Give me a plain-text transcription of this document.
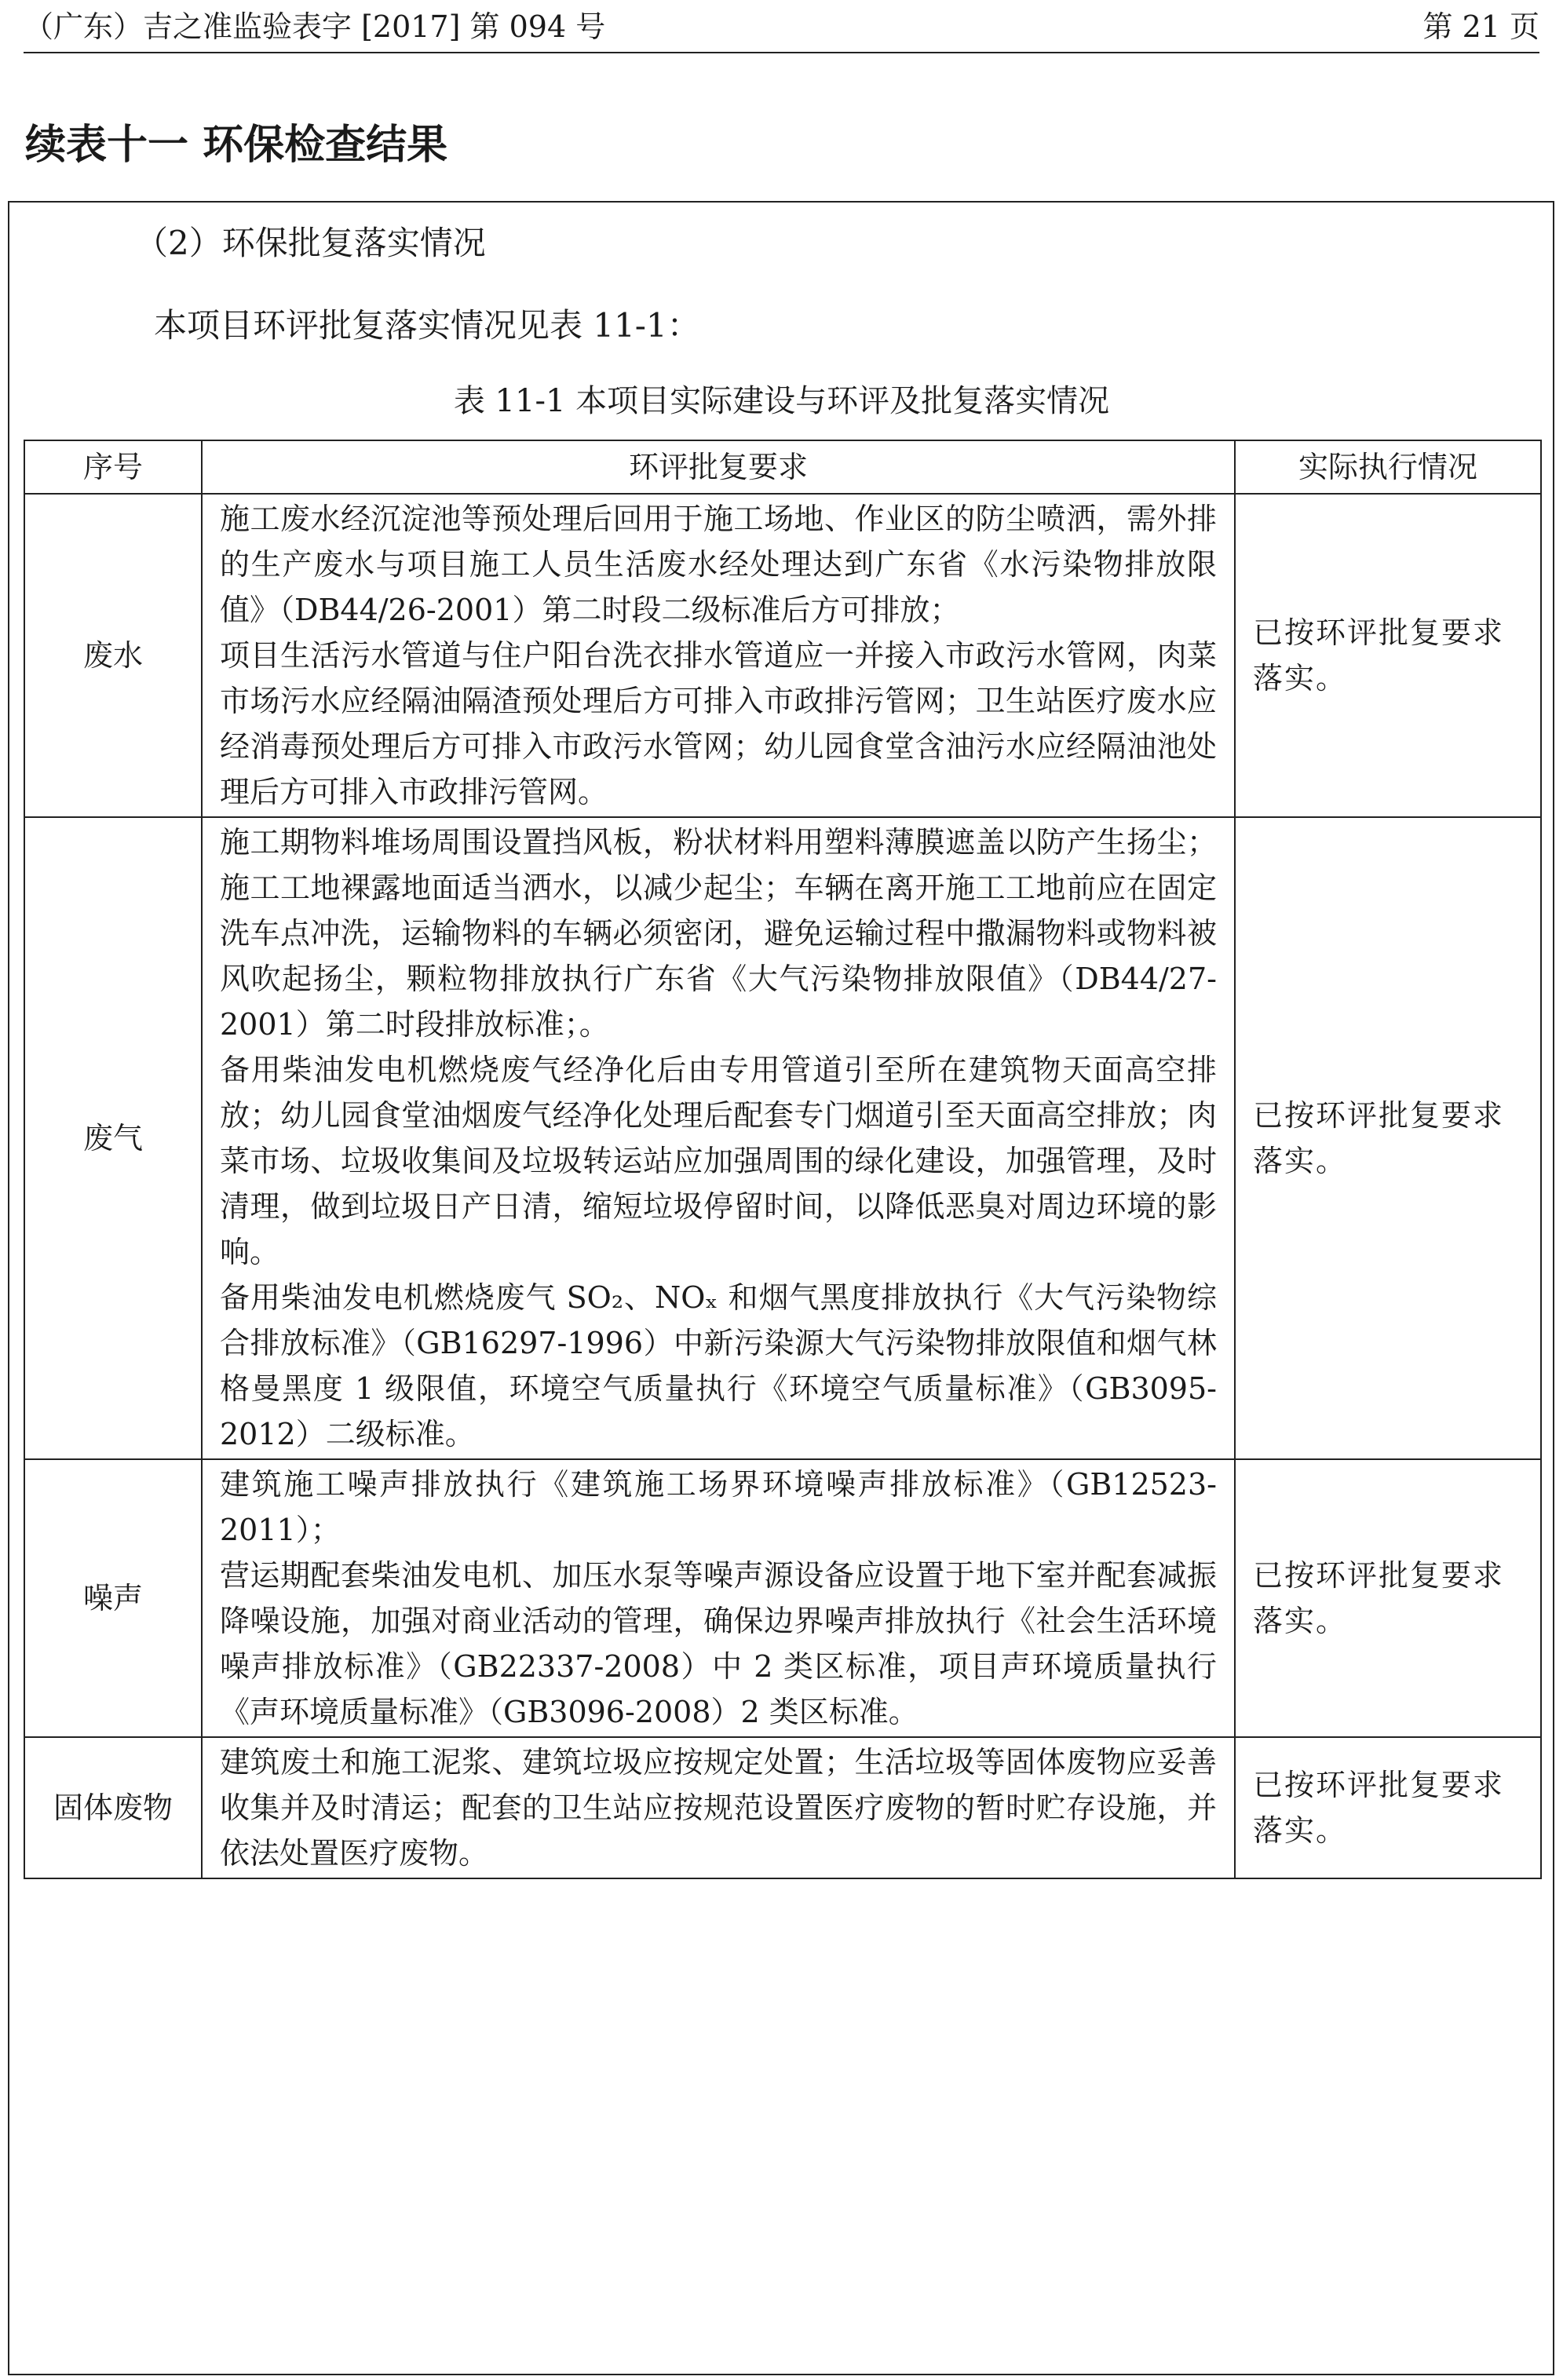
（广东）吉之准监验表字 [2017] 第 094 号	第 21 页
续表十一 环保检查结果
（2）环保批复落实情况
本项目环评批复落实情况见表 11-1：
表 11-1 本项目实际建设与环评及批复落实情况
序号	环评批复要求	实际执行情况
废水	施工废水经沉淀池等预处理后回用于施工场地、作业区的防尘喷洒，需外排的生产废水与项目施工人员生活废水经处理达到广东省《水污染物排放限值》（DB44/26-2001）第二时段二级标准后方可排放；
项目生活污水管道与住户阳台洗衣排水管道应一并接入市政污水管网，肉菜市场污水应经隔油隔渣预处理后方可排入市政排污管网；卫生站医疗废水应经消毒预处理后方可排入市政污水管网；幼儿园食堂含油污水应经隔油池处理后方可排入市政排污管网。	已按环评批复要求落实。
废气	施工期物料堆场周围设置挡风板，粉状材料用塑料薄膜遮盖以防产生扬尘；施工工地裸露地面适当洒水，以减少起尘；车辆在离开施工工地前应在固定洗车点冲洗，运输物料的车辆必须密闭，避免运输过程中撒漏物料或物料被风吹起扬尘，颗粒物排放执行广东省《大气污染物排放限值》（DB44/27-2001）第二时段排放标准；。
备用柴油发电机燃烧废气经净化后由专用管道引至所在建筑物天面高空排放；幼儿园食堂油烟废气经净化处理后配套专门烟道引至天面高空排放；肉菜市场、垃圾收集间及垃圾转运站应加强周围的绿化建设，加强管理，及时清理，做到垃圾日产日清，缩短垃圾停留时间，以降低恶臭对周边环境的影响。
备用柴油发电机燃烧废气 SO₂、NOₓ 和烟气黑度排放执行《大气污染物综合排放标准》（GB16297-1996）中新污染源大气污染物排放限值和烟气林格曼黑度 1 级限值，环境空气质量执行《环境空气质量标准》（GB3095-2012）二级标准。	已按环评批复要求落实。
噪声	建筑施工噪声排放执行《建筑施工场界环境噪声排放标准》（GB12523-2011）；
营运期配套柴油发电机、加压水泵等噪声源设备应设置于地下室并配套减振降噪设施，加强对商业活动的管理，确保边界噪声排放执行《社会生活环境噪声排放标准》（GB22337-2008）中 2 类区标准，项目声环境质量执行《声环境质量标准》（GB3096-2008）2 类区标准。	已按环评批复要求落实。
固体废物	建筑废土和施工泥浆、建筑垃圾应按规定处置；生活垃圾等固体废物应妥善收集并及时清运；配套的卫生站应按规范设置医疗废物的暂时贮存设施，并依法处置医疗废物。	已按环评批复要求落实。
